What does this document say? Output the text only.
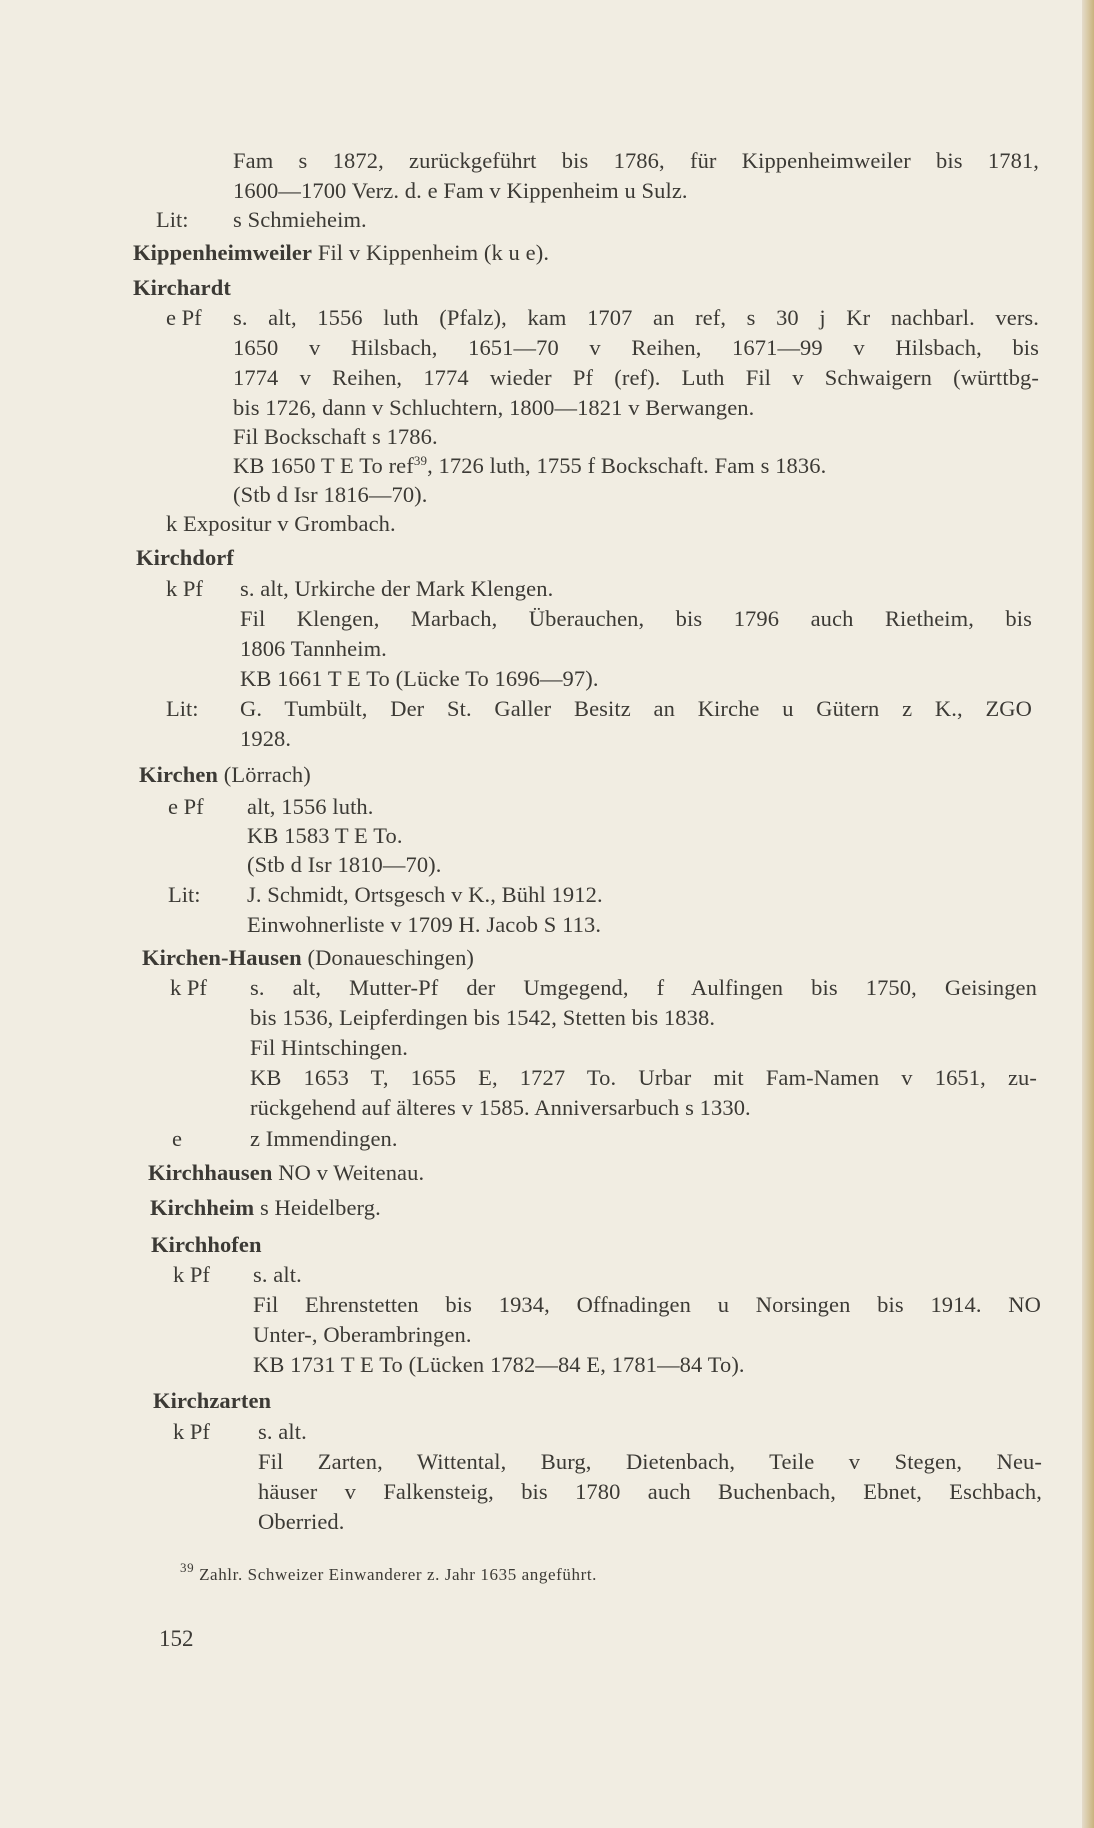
Fam s 1872, zurückgeführt bis 1786, für Kippenheimweiler bis 1781,
1600—1700 Verz. d. e Fam v Kippenheim u Sulz.
Lit: s Schmieheim.
Kippenheimweiler Fil v Kippenheim (k u e).
Kirchardt
e Pf s. alt, 1556 luth (Pfalz), kam 1707 an ref, s 30 j Kr nachbarl. vers.
1650 v Hilsbach, 1651—70 v Reihen, 1671—99 v Hilsbach, bis
1774 v Reihen, 1774 wieder Pf (ref). Luth Fil v Schwaigern (württbg-
bis 1726, dann v Schluchtern, 1800—1821 v Berwangen.
Fil Bockschaft s 1786.
KB 1650 T E To ref$^{39}$, 1726 luth, 1755 f Bockschaft. Fam s 1836.
(Stb d Isr 1816—70).
k Expositur v Grombach.
Kirchdorf
k Pf s. alt, Urkirche der Mark Klengen.
Fil Klengen, Marbach, Überauchen, bis 1796 auch Rietheim, bis
1806 Tannheim.
KB 1661 T E To (Lücke To 1696—97).
Lit: G. Tumbült, Der St. Galler Besitz an Kirche u Gütern z K., ZGO
1928.
Kirchen (Lörrach)
e Pf alt, 1556 luth.
KB 1583 T E To.
(Stb d Isr 1810—70).
Lit: J. Schmidt, Ortsgesch v K., Bühl 1912.
Einwohnerliste v 1709 H. Jacob S 113.
Kirchen-Hausen (Donaueschingen)
k Pf s. alt, Mutter-Pf der Umgegend, f Aulfingen bis 1750, Geisingen
bis 1536, Leipferdingen bis 1542, Stetten bis 1838.
Fil Hintschingen.
KB 1653 T, 1655 E, 1727 To. Urbar mit Fam-Namen v 1651, zu-
rückgehend auf älteres v 1585. Anniversarbuch s 1330.
e	z Immendingen.
Kirchhausen NO v Weitenau.
Kirchheim s Heidelberg.
Kirchhofen
k Pf s. alt.
Fil Ehrenstetten bis 1934, Offnadingen u Norsingen bis 1914. NO
Unter-, Oberambringen.
KB 1731 T E To (Lücken 1782—84 E, 1781—84 To).
Kirchzarten
k Pf s. alt.
Fil Zarten, Wittental, Burg, Dietenbach, Teile v Stegen, Neu-
häuser v Falkensteig, bis 1780 auch Buchenbach, Ebnet, Eschbach,
Oberried.
$^{39}$ Zahlr. Schweizer Einwanderer z. Jahr 1635 angeführt.
152
